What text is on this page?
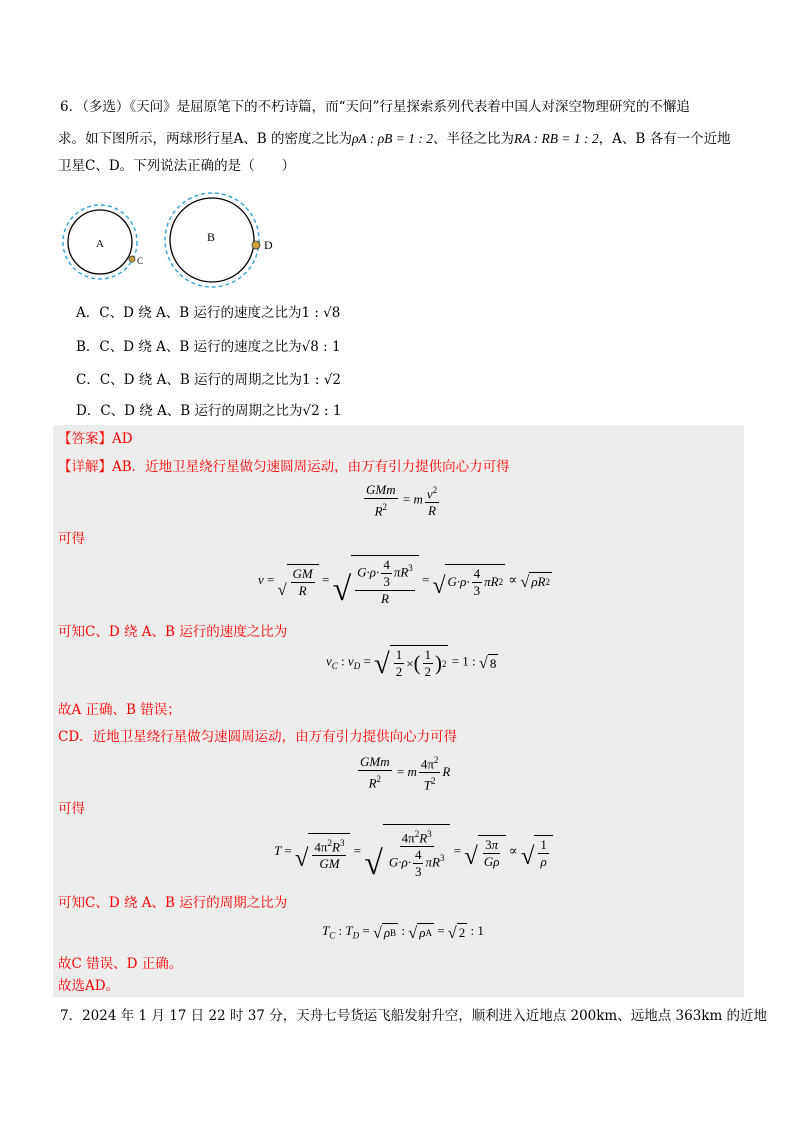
6．（多选）《天问》是屈原笔下的不朽诗篇，而“天问”行星探索系列代表着中国人对深空物理研究的不懈追
求。如下图所示，两球形行星A、B 的密度之比为ρA : ρB = 1 : 2、半径之比为RA : RB = 1 : 2，A、B 各有一个近地
卫星C、D。下列说法正确的是（　　）
A
C
B
D
A．C、D 绕 A、B 运行的速度之比为1 : √8
B．C、D 绕 A、B 运行的速度之比为√8 : 1
C．C、D 绕 A、B 运行的周期之比为1 : √2
D．C、D 绕 A、B 运行的周期之比为√2 : 1
【答案】AD
【详解】AB．近地卫星绕行星做匀速圆周运动，由万有引力提供向心力可得
$\frac{\text{GMm}}{R^2} = m \frac{v^2}{R}$
可得
v =
√ $\frac{GM}{R}$ = √ $\frac{G\cdot\rho\cdot \frac{4}{3} \pi R^3}{R}$ = √ $G\cdot\rho\cdot \frac{4}{3}$ πR 2 ∝ √ ρR 2
可知C、D 绕 A、B 运行的速度之比为
$v_C$ : $v_D$ = √ $\frac{1}{2}$ × ( $\frac{1}{2}$ ) 2 = 1 : √ 8
故A 正确、B 错误；
CD．近地卫星绕行星做匀速圆周运动，由万有引力提供向心力可得
$\frac{\text{GMm}}{R^2} = m \frac{4\pi^2}{T^2}$ R
可得
T = √ $\frac{4\pi^2R^3}{GM}$ = √ $\frac{4\pi^2R^3}{G\cdot\rho\cdot \frac{4}{3} \pi R^3}$ = √ $\frac{3\pi}{G\rho}$ ∝ √ $\frac{1}{\rho}$
可知C、D 绕 A、B 运行的周期之比为
$T_C$ : $T_D$ = √ ρ B : √ ρ A = √ 2 : 1
故C 错误、D 正确。
故选AD。
7．2024 年 1 月 17 日 22 时 37 分，天舟七号货运飞船发射升空，顺利进入近地点 200km、远地点 363km 的近地
